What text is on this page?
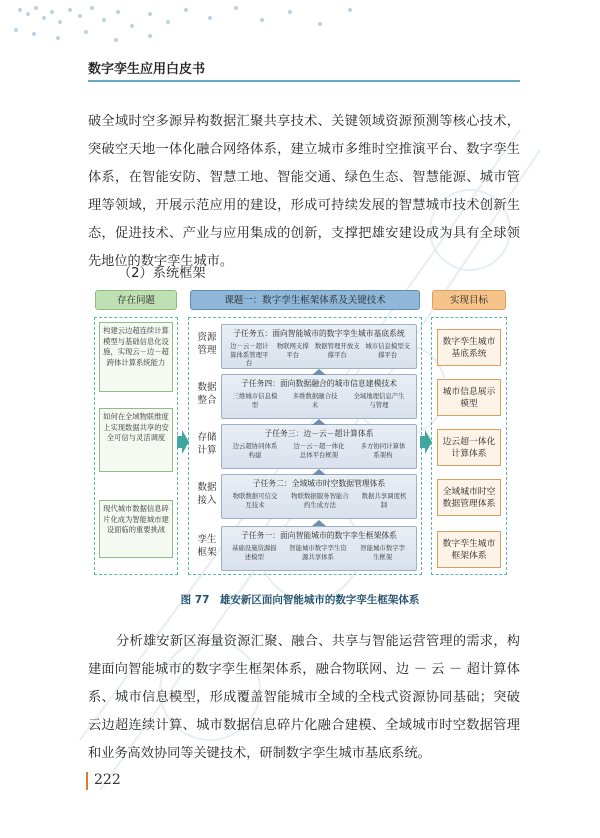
数字孪生应用白皮书
破全域时空多源异构数据汇聚共享技术、关键领域资源预测等核心技术，突破空天地一体化融合网络体系，建立城市多维时空推演平台、数字孪生体系，在智能安防、智慧工地、智能交通、绿色生态、智慧能源、城市管理等领域，开展示范应用的建设，形成可持续发展的智慧城市技术创新生态，促进技术、产业与应用集成的创新，支撑把雄安建设成为具有全球领先地位的数字孪生城市。
（2）系统框架
存在问题	课题一：数字孪生框架体系及关键技术	实现目标
构建云边超连续计算模型与基础信息化设施，实现云－边－超跨体计算系统能力
如何在全域物联维度上实现数据共享的安全可信与灵活调度
现代城市数据信息碎片化成为智能城市建设面临的重要挑战
资源管理
子任务五：面向智能城市的数字孪生城市基底系统
边－云－超计算体系管理平台
物联网支撑平台
数据管理开放支撑平台
城市信息模型支撑平台
数据整合
子任务四：面向数据融合的城市信息建模技术
三维城市信息模型
多维数据融合技术
全域地理信息产生与管理
存储计算
子任务三：边－云－超计算体系
边云超协同体系构建
边－云－超一体化总体平台框架
多方协同计算体系架构
数据接入
子任务二：全域城市时空数据管理体系
物联数据可信交互技术
物联数据服务智能合约生成方法
数据共享调度机制
孪生框架
子任务一：面向智能城市的数字孪生框架体系
基础设施资源描述模型
智能城市数字孪生资源共享体系
智能城市数字孪生框架
数字孪生城市基底系统
城市信息展示模型
边云超一体化计算体系
全域城市时空数据管理体系
数字孪生城市框架体系
图 77　雄安新区面向智能城市的数字孪生框架体系
分析雄安新区海量资源汇聚、融合、共享与智能运营管理的需求，构建面向智能城市的数字孪生框架体系，融合物联网、边 － 云 － 超计算体系、城市信息模型，形成覆盖智能城市全域的全栈式资源协同基础；突破云边超连续计算、城市数据信息碎片化融合建模、全域城市时空数据管理和业务高效协同等关键技术，研制数字孪生城市基底系统。
222
